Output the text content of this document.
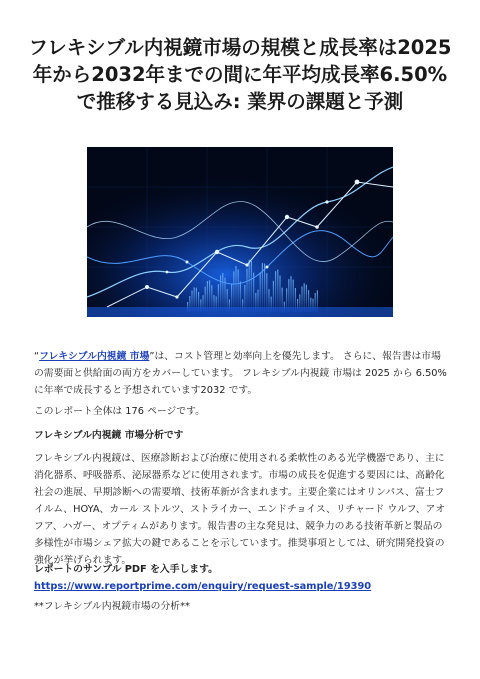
フレキシブル内視鏡市場の規模と成長率は2025年から2032年までの間に年平均成長率6.50%で推移する見込み: 業界の課題と予測

“フレキシブル内視鏡 市場”は、コスト管理と効率向上を優先します。 さらに、報告書は市場の需要面と供給面の両方をカバーしています。 フレキシブル内視鏡 市場は 2025 から 6.50% に年率で成長すると予想されています2032 です。

このレポート全体は 176 ページです。

フレキシブル内視鏡 市場分析です

フレキシブル内視鏡は、医療診断および治療に使用される柔軟性のある光学機器であり、主に消化器系、呼吸器系、泌尿器系などに使用されます。市場の成長を促進する要因には、高齢化社会の進展、早期診断への需要増、技術革新が含まれます。主要企業にはオリンパス、富士フイルム、HOYA、カール ストルツ、ストライカー、エンドチョイス、リチャード ウルフ、アオフア、ハガー、オプティムがあります。報告書の主な発見は、競争力のある技術革新と製品の多様性が市場シェア拡大の鍵であることを示しています。推奨事項としては、研究開発投資の強化が挙げられます。

レポートのサンプル PDF を入手します。 https://www.reportprime.com/enquiry/request-sample/19390

**フレキシブル内視鏡市場の分析**
